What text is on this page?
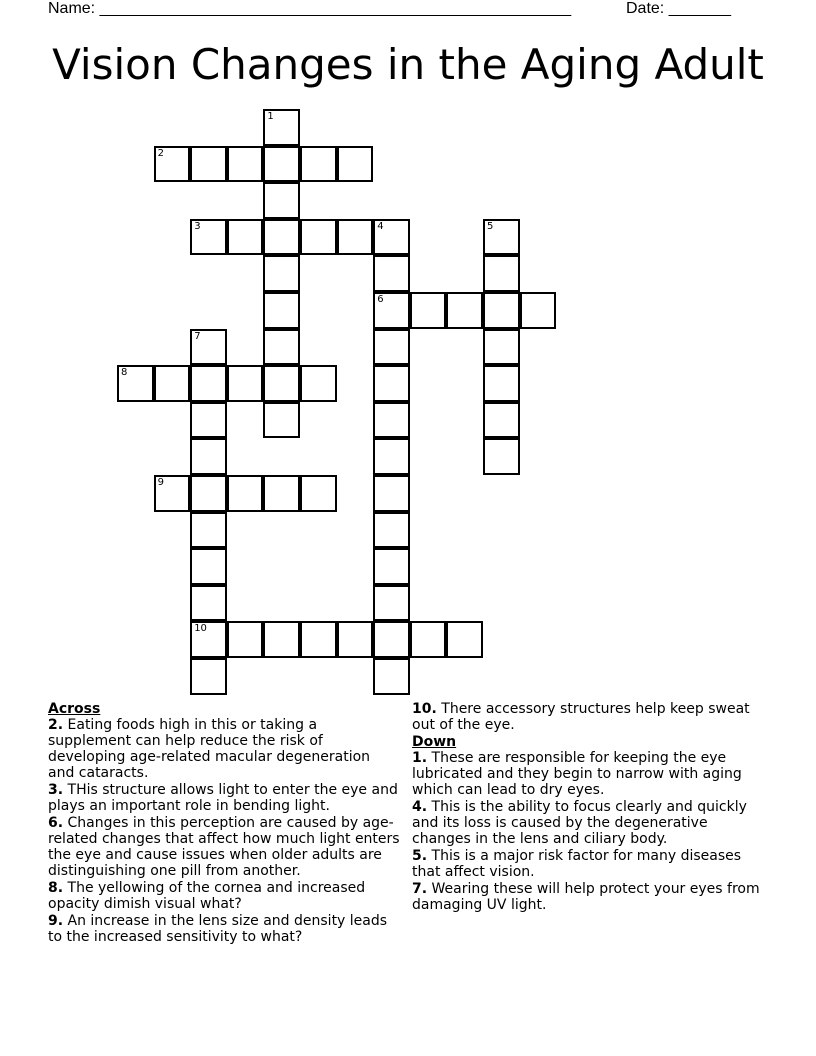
Name: _____________________________________________________	Date: _______
Vision Changes in the Aging Adult
1
2
3	4
6
5
7
10
8
9

Across

2. Eating foods high in this or taking a supplement can help reduce the risk of developing age-related macular degeneration and cataracts.

3. THis structure allows light to enter the eye and plays an important role in bending light.

6. Changes in this perception are caused by age-related changes that affect how much light enters the eye and cause issues when older adults are distinguishing one pill from another.

8. The yellowing of the cornea and increased opacity dimish visual what?

9. An increase in the lens size and density leads to the increased sensitivity to what?

10. There accessory structures help keep sweat out of the eye.

Down

1. These are responsible for keeping the eye lubricated and they begin to narrow with aging which can lead to dry eyes.

4. This is the ability to focus clearly and quickly and its loss is caused by the degenerative changes in the lens and ciliary body.

5. This is a major risk factor for many diseases that affect vision.

7. Wearing these will help protect your eyes from damaging UV light.
